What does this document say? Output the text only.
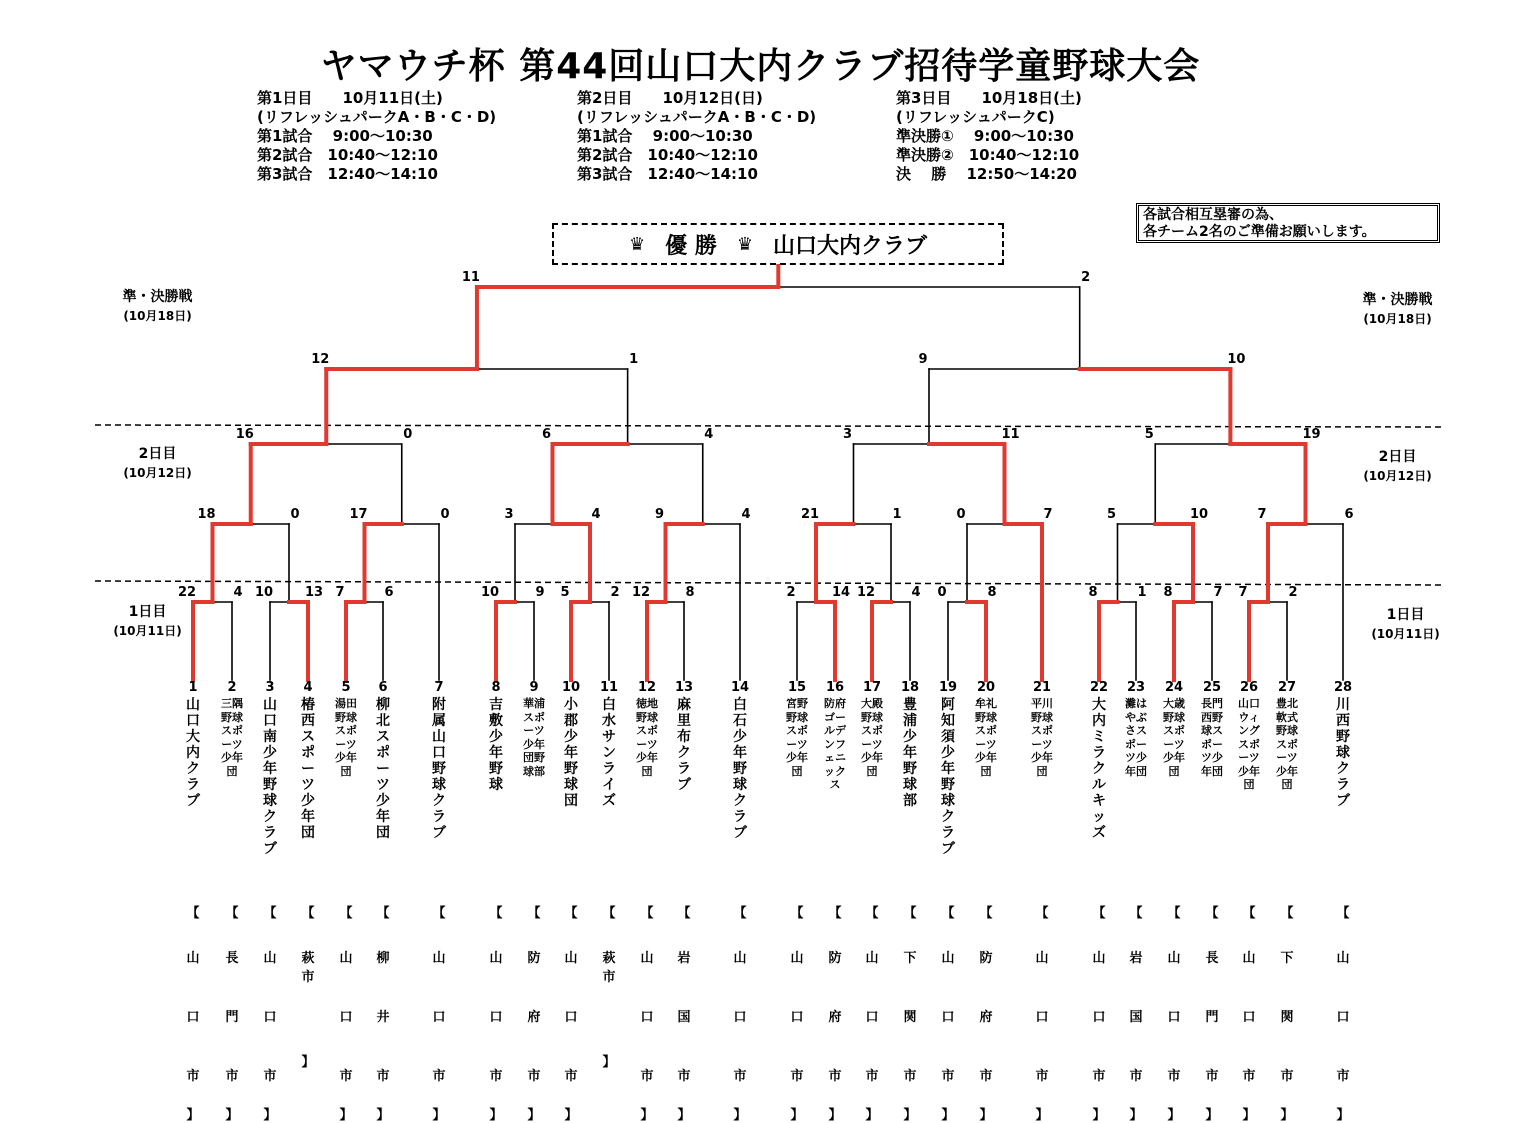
ヤマウチ杯 第44回山口大内クラブ招待学童野球大会
第1日目　　10月11日(土)
(リフレッシュパークA・B・C・D)
第1試合　 9:00～10:30
第2試合　10:40～12:10
第3試合　12:40～14:10
第2日目　　10月12日(日)
(リフレッシュパークA・B・C・D)
第1試合　 9:00～10:30
第2試合　10:40～12:10
第3試合　12:40～14:10
第3日目　　10月18日(土)
(リフレッシュパークC)
準決勝①　 9:00～10:30
準決勝②　10:40～12:10
決　 勝　 12:50～14:20
各試合相互塁審の為、
各チーム2名のご準備お願いします。
♛ 優 勝 ♛ 山口大内クラブ
準・決勝戦
(10月18日)
準・決勝戦
(10月18日)
2日目
(10月12日)
2日目
(10月12日)
1日目
(10月11日)
1日目
(10月11日)
22	4 10 13 7	6	10	9 5	2 12	8	2	14 12	4 0	8	8	1 8	7 7	2
18	0	17	0	3	4	9	4	21	1	0	7	5	10	7	6
16	0	6	4	3	11	5	19
12	1	9	10
11	2
1
山口大内クラブ
【
山
口
市
】
2
三隅野球スポーツ少年団
【
長
門
市
】
3
山口南少年野球クラブ
【
山
口
市
】
4
椿西スポーツ少年団
【
萩
市
】
5
湯田野球スポーツ少年団
【
山
口
市
】
6
柳北スポーツ少年団
【
柳
井
市
】
7
附属山口野球クラブ
【
山
口
市
】
8
吉敷少年野球
【
山
口
市
】
9
華浦スポーツ少年団野球部
【
防
府
市
】
10
小郡少年野球団
【
山
口
市
】
11
白水サンライズ
【
萩
市
】
12
徳地野球スポーツ少年団
【
山
口
市
】
13
麻里布クラブ
【
岩
国
市
】
14
白石少年野球クラブ
【
山
口
市
】
15
宮野野球スポーツ少年団
【
山
口
市
】
16
防府ゴールデンフェニックス
【
防
府
市
】
17
大殿野球スポーツ少年団
【
山
口
市
】
18
豊浦少年野球部
【
下
関
市
】
19
阿知須少年野球クラブ
【
山
口
市
】
20
牟礼野球スポーツ少年団
【
防
府
市
】
21
平川野球スポーツ少年団
【
山
口
市
】
22
大内ミラクルキッズ
【
山
口
市
】
23
灘はやぶさスポーツ少年団
【
岩
国
市
】
24
大歳野球スポーツ少年団
【
山
口
市
】
25
長門西野球スポーツ少年団
【
長
門
市
】
26
山口ウィングスポーツ少年団
【
山
口
市
】
27
豊北軟式野球スポーツ少年団
【
下
関
市
】
28
川西野球クラブ
【
山
口
市
】
